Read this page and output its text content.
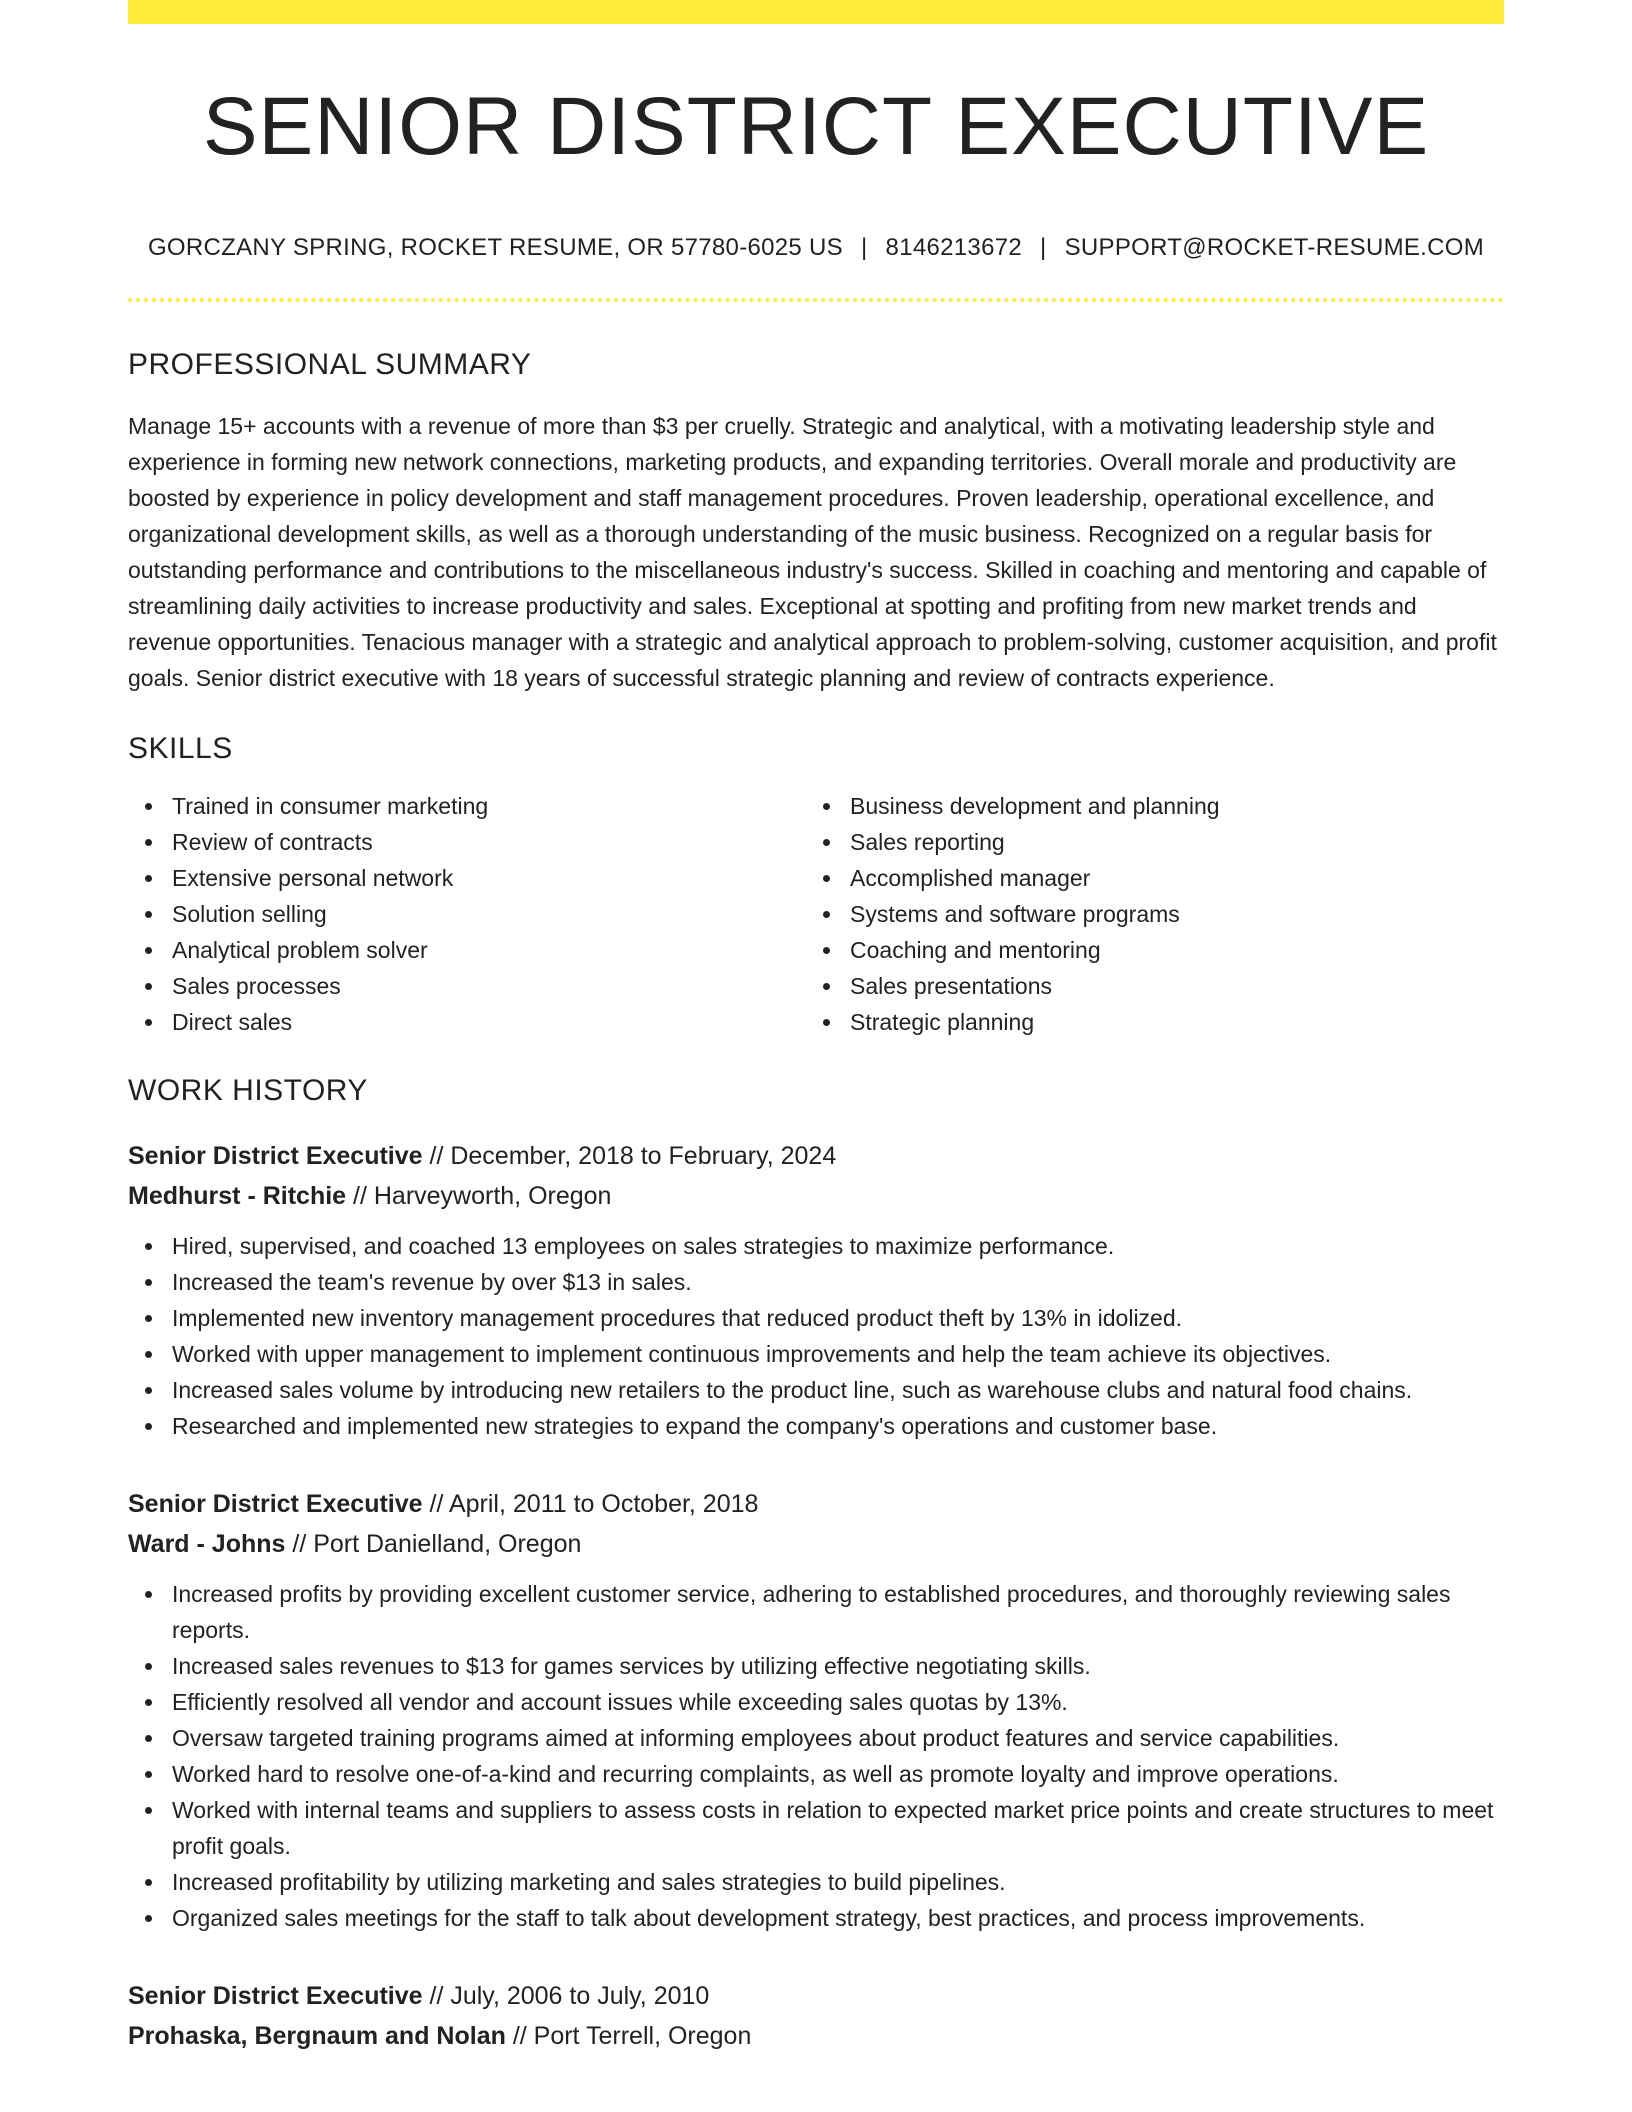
SENIOR DISTRICT EXECUTIVE
GORCZANY SPRING, ROCKET RESUME, OR 57780-6025 US | 8146213672 | SUPPORT@ROCKET-RESUME.COM
PROFESSIONAL SUMMARY

Manage 15+ accounts with a revenue of more than $3 per cruelly. Strategic and analytical, with a motivating leadership style and experience in forming new network connections, marketing products, and expanding territories. Overall morale and productivity are boosted by experience in policy development and staff management procedures. Proven leadership, operational excellence, and organizational development skills, as well as a thorough understanding of the music business. Recognized on a regular basis for outstanding performance and contributions to the miscellaneous industry's success. Skilled in coaching and mentoring and capable of streamlining daily activities to increase productivity and sales. Exceptional at spotting and profiting from new market trends and revenue opportunities. Tenacious manager with a strategic and analytical approach to problem-solving, customer acquisition, and profit goals. Senior district executive with 18 years of successful strategic planning and review of contracts experience.

SKILLS
Trained in consumer marketing
Review of contracts
Extensive personal network
Solution selling
Analytical problem solver
Sales processes
Direct sales
Business development and planning
Sales reporting
Accomplished manager
Systems and software programs
Coaching and mentoring
Sales presentations
Strategic planning
WORK HISTORY
Senior District Executive // December, 2018 to February, 2024
Medhurst - Ritchie // Harveyworth, Oregon
Hired, supervised, and coached 13 employees on sales strategies to maximize performance.
Increased the team's revenue by over $13 in sales.
Implemented new inventory management procedures that reduced product theft by 13% in idolized.
Worked with upper management to implement continuous improvements and help the team achieve its objectives.
Increased sales volume by introducing new retailers to the product line, such as warehouse clubs and natural food chains.
Researched and implemented new strategies to expand the company's operations and customer base.
Senior District Executive // April, 2011 to October, 2018
Ward - Johns // Port Danielland, Oregon
Increased profits by providing excellent customer service, adhering to established procedures, and thoroughly reviewing sales reports.
Increased sales revenues to $13 for games services by utilizing effective negotiating skills.
Efficiently resolved all vendor and account issues while exceeding sales quotas by 13%.
Oversaw targeted training programs aimed at informing employees about product features and service capabilities.
Worked hard to resolve one-of-a-kind and recurring complaints, as well as promote loyalty and improve operations.
Worked with internal teams and suppliers to assess costs in relation to expected market price points and create structures to meet profit goals.
Increased profitability by utilizing marketing and sales strategies to build pipelines.
Organized sales meetings for the staff to talk about development strategy, best practices, and process improvements.
Senior District Executive // July, 2006 to July, 2010
Prohaska, Bergnaum and Nolan // Port Terrell, Oregon
